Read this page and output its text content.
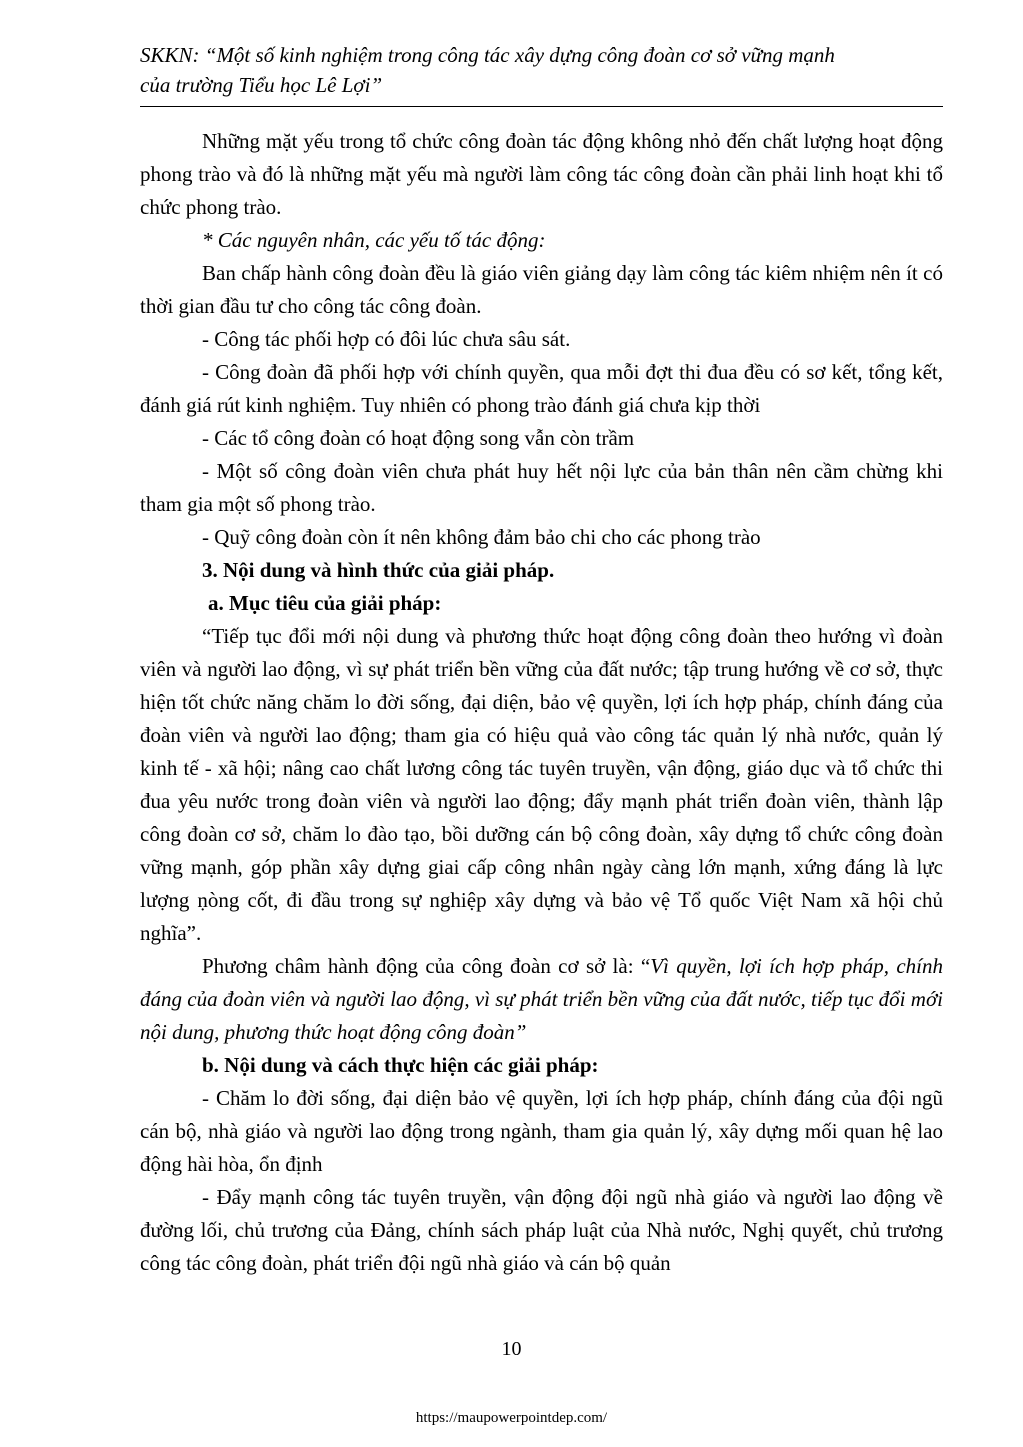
SKKN: “Một số kinh nghiệm trong công tác xây dựng công đoàn cơ sở vững mạnh
của trường Tiểu học Lê Lợi”

Những mặt yếu trong tổ chức công đoàn tác động không nhỏ đến chất lượng hoạt động phong trào và đó là những mặt yếu mà người làm công tác công đoàn cần phải linh hoạt khi tổ chức phong trào.

* Các nguyên nhân, các yếu tố tác động:

Ban chấp hành công đoàn đều là giáo viên giảng dạy làm công tác kiêm nhiệm nên ít có thời gian đầu tư cho công tác công đoàn.

- Công tác phối hợp có đôi lúc chưa sâu sát.

- Công đoàn đã phối hợp với chính quyền, qua mỗi đợt thi đua đều có sơ kết, tổng kết, đánh giá rút kinh nghiệm. Tuy nhiên có phong trào đánh giá chưa kịp thời

- Các tổ công đoàn có hoạt động song vẫn còn trầm

- Một số công đoàn viên chưa phát huy hết nội lực của bản thân nên cầm chừng khi tham gia một số phong trào.

- Quỹ công đoàn còn ít nên không đảm bảo chi cho các phong trào

3. Nội dung và hình thức của giải pháp.

a. Mục tiêu của giải pháp:

“Tiếp tục đổi mới nội dung và phương thức hoạt động công đoàn theo hướng vì đoàn viên và người lao động, vì sự phát triển bền vững của đất nước; tập trung hướng về cơ sở, thực hiện tốt chức năng chăm lo đời sống, đại diện, bảo vệ quyền, lợi ích hợp pháp, chính đáng của đoàn viên và người lao động; tham gia có hiệu quả vào công tác quản lý nhà nước, quản lý kinh tế - xã hội; nâng cao chất lương công tác tuyên truyền, vận động, giáo dục và tổ chức thi đua yêu nước trong đoàn viên và người lao động; đẩy mạnh phát triển đoàn viên, thành lập công đoàn cơ sở, chăm lo đào tạo, bồi dưỡng cán bộ công đoàn, xây dựng tổ chức công đoàn vững mạnh, góp phần xây dựng giai cấp công nhân ngày càng lớn mạnh, xứng đáng là lực lượng ṇòng cốt, đi đầu trong sự nghiệp xây dựng và bảo vệ Tổ quốc Việt Nam xã hội chủ nghĩa”.

Phương châm hành động của công đoàn cơ sở là: “Vì quyền, lợi ích hợp pháp, chính đáng của đoàn viên và người lao động, vì sự phát triển bền vững của đất nước, tiếp tục đổi mới nội dung, phương thức hoạt động công đoàn”

b. Nội dung và cách thực hiện các giải pháp:

- Chăm lo đời sống, đại diện bảo vệ quyền, lợi ích hợp pháp, chính đáng của đội ngũ cán bộ, nhà giáo và người lao động trong ngành, tham gia quản lý, xây dựng mối quan hệ lao động hài hòa, ổn định

- Đẩy mạnh công tác tuyên truyền, vận động đội ngũ nhà giáo và người lao động về đường lối, chủ trương của Đảng, chính sách pháp luật của Nhà nước, Nghị quyết, chủ trương công tác công đoàn, phát triển đội ngũ nhà giáo và cán bộ quản

10
https://maupowerpointdep.com/
